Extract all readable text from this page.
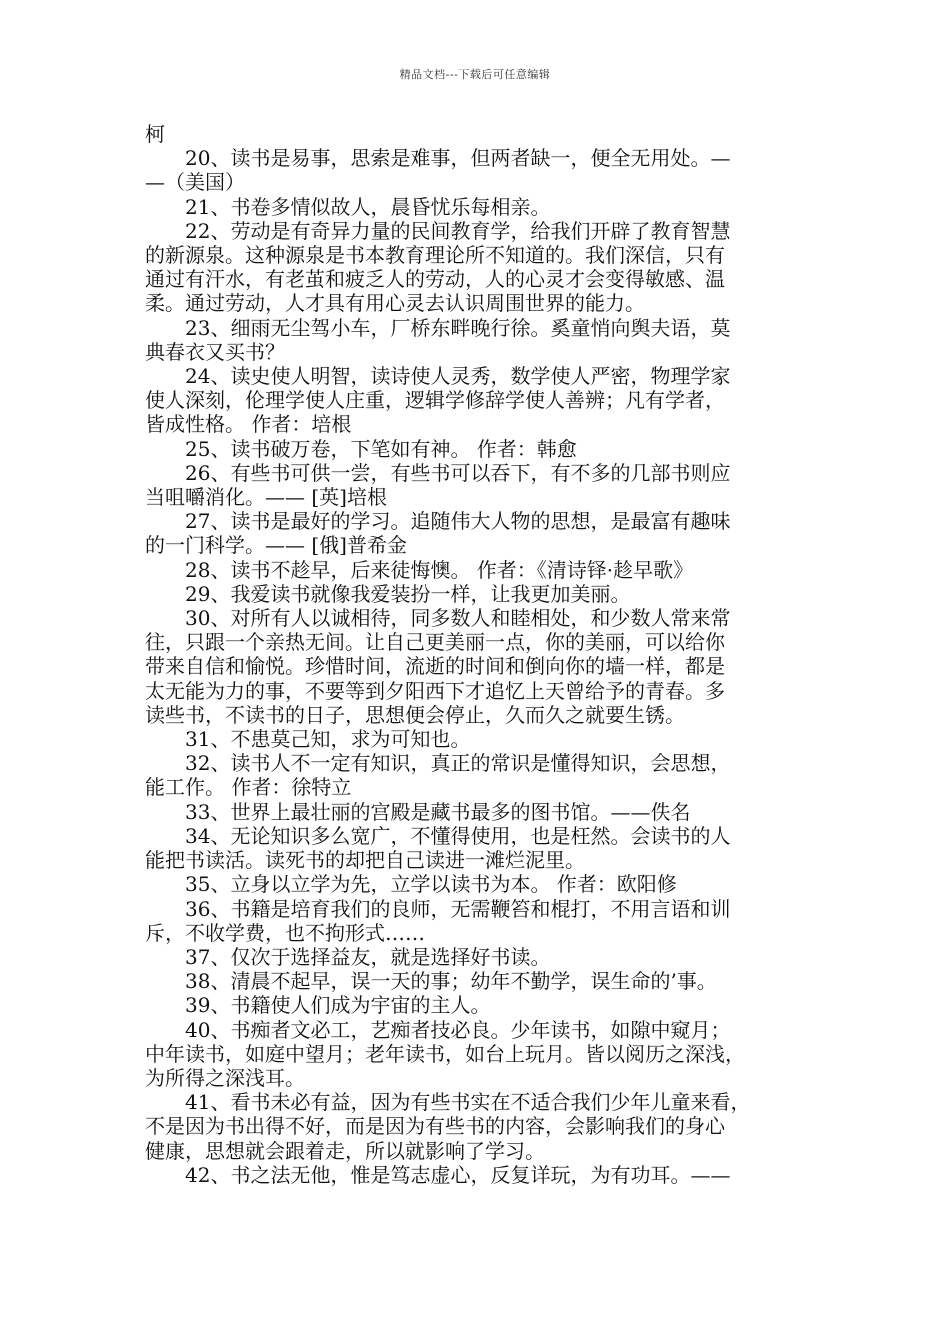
精品文档---下载后可任意编辑

柯

20、读书是易事，思索是难事，但两者缺一，便全无用处。—
—（美国）

21、书卷多情似故人，晨昏忧乐每相亲。

22、劳动是有奇异力量的民间教育学，给我们开辟了教育智慧
的新源泉。这种源泉是书本教育理论所不知道的。我们深信，只有
通过有汗水，有老茧和疲乏人的劳动，人的心灵才会变得敏感、温
柔。通过劳动，人才具有用心灵去认识周围世界的能力。

23、细雨无尘驾小车，厂桥东畔晚行徐。奚童悄向舆夫语，莫
典春衣又买书？

24、读史使人明智，读诗使人灵秀，数学使人严密，物理学家
使人深刻，伦理学使人庄重，逻辑学修辞学使人善辨；凡有学者，
皆成性格。 作者：培根

25、读书破万卷，下笔如有神。 作者：韩愈

26、有些书可供一尝，有些书可以吞下，有不多的几部书则应
当咀嚼消化。—— [英]培根

27、读书是最好的学习。追随伟大人物的思想，是最富有趣味
的一门科学。—— [俄]普希金

28、读书不趁早，后来徒悔懊。 作者：《清诗铎·趁早歌》

29、我爱读书就像我爱装扮一样，让我更加美丽。

30、对所有人以诚相待，同多数人和睦相处，和少数人常来常
往，只跟一个亲热无间。让自己更美丽一点，你的美丽，可以给你
带来自信和愉悦。珍惜时间，流逝的时间和倒向你的墙一样，都是
太无能为力的事，不要等到夕阳西下才追忆上天曾给予的青春。多
读些书，不读书的日子，思想便会停止，久而久之就要生锈。

31、不患莫己知，求为可知也。

32、读书人不一定有知识，真正的常识是懂得知识，会思想，
能工作。 作者：徐特立

33、世界上最壮丽的宫殿是藏书最多的图书馆。——佚名

34、无论知识多么宽广，不懂得使用，也是枉然。会读书的人
能把书读活。读死书的却把自己读进一滩烂泥里。

35、立身以立学为先，立学以读书为本。 作者：欧阳修

36、书籍是培育我们的良师，无需鞭笞和棍打，不用言语和训
斥，不收学费，也不拘形式……

37、仅次于选择益友，就是选择好书读。

38、清晨不起早，误一天的事；幼年不勤学，误生命的’事。

39、书籍使人们成为宇宙的主人。

40、书痴者文必工，艺痴者技必良。少年读书，如隙中窥月；
中年读书，如庭中望月；老年读书，如台上玩月。皆以阅历之深浅，
为所得之深浅耳。

41、看书未必有益，因为有些书实在不适合我们少年儿童来看，
不是因为书出得不好，而是因为有些书的内容，会影响我们的身心
健康，思想就会跟着走，所以就影响了学习。

42、书之法无他，惟是笃志虚心，反复详玩，为有功耳。——
